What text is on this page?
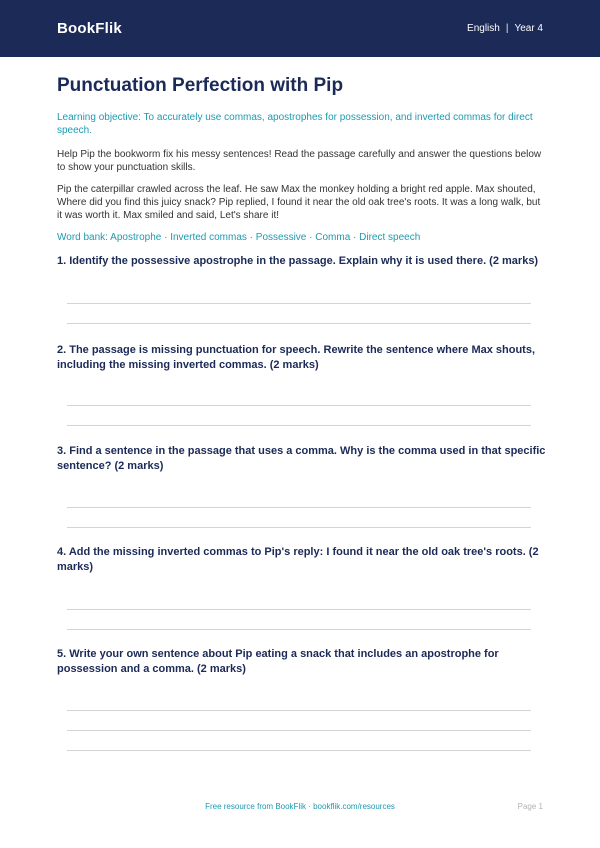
BookFlik	English | Year 4
Punctuation Perfection with Pip

Learning objective: To accurately use commas, apostrophes for possession, and inverted commas for direct speech.

Help Pip the bookworm fix his messy sentences! Read the passage carefully and answer the questions below to show your punctuation skills.

Pip the caterpillar crawled across the leaf. He saw Max the monkey holding a bright red apple. Max shouted, Where did you find this juicy snack? Pip replied, I found it near the old oak tree's roots. It was a long walk, but it was worth it. Max smiled and said, Let's share it!

Word bank: Apostrophe · Inverted commas · Possessive · Comma · Direct speech
1. Identify the possessive apostrophe in the passage. Explain why it is used there. (2 marks)
2. The passage is missing punctuation for speech. Rewrite the sentence where Max shouts, including the missing inverted commas. (2 marks)
3. Find a sentence in the passage that uses a comma. Why is the comma used in that specific sentence? (2 marks)
4. Add the missing inverted commas to Pip's reply: I found it near the old oak tree's roots. (2 marks)
5. Write your own sentence about Pip eating a snack that includes an apostrophe for possession and a comma. (2 marks)
Free resource from BookFlik · bookflik.com/resources	Page 1
